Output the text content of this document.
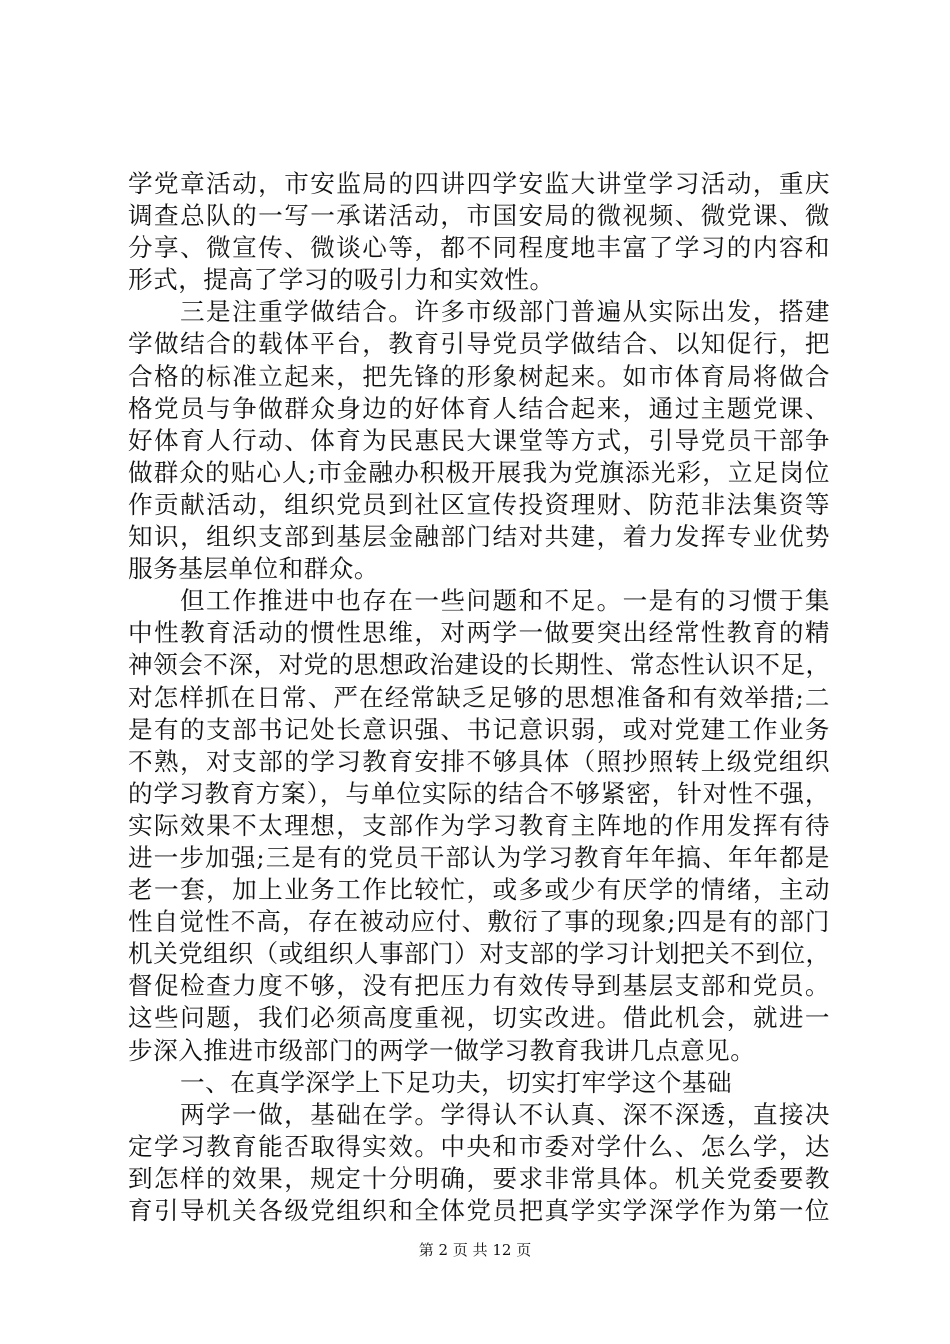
学党章活动，市安监局的四讲四学安监大讲堂学习活动，重庆
调查总队的一写一承诺活动，市国安局的微视频、微党课、微
分享、微宣传、微谈心等，都不同程度地丰富了学习的内容和
形式，提高了学习的吸引力和实效性。
三是注重学做结合。许多市级部门普遍从实际出发，搭建
学做结合的载体平台，教育引导党员学做结合、以知促行，把
合格的标准立起来，把先锋的形象树起来。如市体育局将做合
格党员与争做群众身边的好体育人结合起来，通过主题党课、
好体育人行动、体育为民惠民大课堂等方式，引导党员干部争
做群众的贴心人;市金融办积极开展我为党旗添光彩，立足岗位
作贡献活动，组织党员到社区宣传投资理财、防范非法集资等
知识，组织支部到基层金融部门结对共建，着力发挥专业优势
服务基层单位和群众。
但工作推进中也存在一些问题和不足。一是有的习惯于集
中性教育活动的惯性思维，对两学一做要突出经常性教育的精
神领会不深，对党的思想政治建设的长期性、常态性认识不足，
对怎样抓在日常、严在经常缺乏足够的思想准备和有效举措;二
是有的支部书记处长意识强、书记意识弱，或对党建工作业务
不熟，对支部的学习教育安排不够具体（照抄照转上级党组织
的学习教育方案），与单位实际的结合不够紧密，针对性不强，
实际效果不太理想，支部作为学习教育主阵地的作用发挥有待
进一步加强;三是有的党员干部认为学习教育年年搞、年年都是
老一套，加上业务工作比较忙，或多或少有厌学的情绪，主动
性自觉性不高，存在被动应付、敷衍了事的现象;四是有的部门
机关党组织（或组织人事部门）对支部的学习计划把关不到位，
督促检查力度不够，没有把压力有效传导到基层支部和党员。
这些问题，我们必须高度重视，切实改进。借此机会，就进一
步深入推进市级部门的两学一做学习教育我讲几点意见。
一、在真学深学上下足功夫，切实打牢学这个基础
两学一做，基础在学。学得认不认真、深不深透，直接决
定学习教育能否取得实效。中央和市委对学什么、怎么学，达
到怎样的效果，规定十分明确，要求非常具体。机关党委要教
育引导机关各级党组织和全体党员把真学实学深学作为第一位
第 2 页 共 12 页
